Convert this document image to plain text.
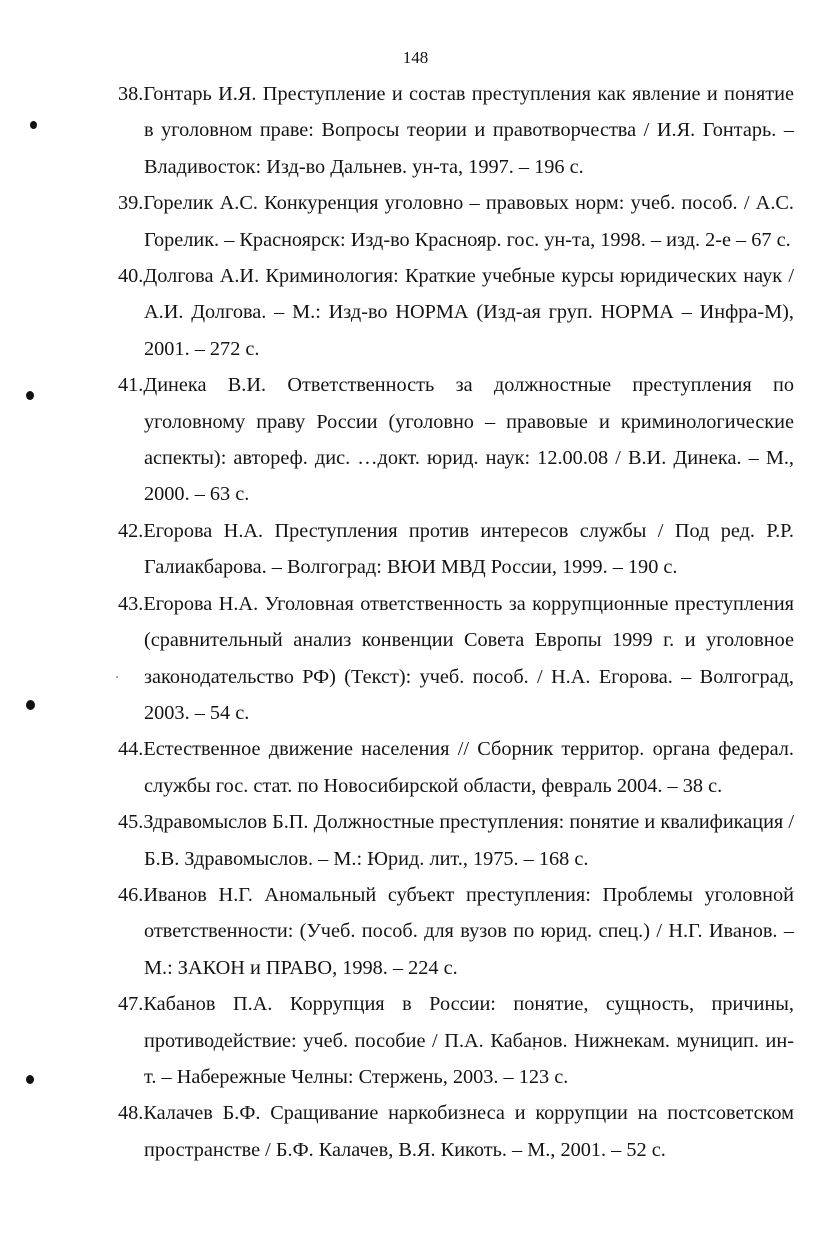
148
38.Гонтарь И.Я. Преступление и состав преступления как явление и понятие в уголовном праве: Вопросы теории и правотворчества / И.Я. Гонтарь. – Владивосток: Изд-во Дальнев. ун-та, 1997. – 196 с.
39.Горелик А.С. Конкуренция уголовно – правовых норм: учеб. пособ. / А.С. Горелик. – Красноярск: Изд-во Краснояр. гос. ун-та, 1998. – изд. 2-е – 67 с.
40.Долгова А.И. Криминология: Краткие учебные курсы юридических наук / А.И. Долгова. – М.: Изд-во НОРМА (Изд-ая груп. НОРМА – Инфра-М), 2001. – 272 с.
41.Динека В.И. Ответственность за должностные преступления по уголовному праву России (уголовно – правовые и криминологические аспекты): автореф. дис. …докт. юрид. наук: 12.00.08 / В.И. Динека. – М., 2000. – 63 с.
42.Егорова Н.А. Преступления против интересов службы / Под ред. Р.Р. Галиакбарова. – Волгоград: ВЮИ МВД России, 1999. – 190 с.
43.Егорова Н.А. Уголовная ответственность за коррупционные преступления (сравнительный анализ конвенции Совета Европы 1999 г. и уголовное законодательство РФ) (Текст): учеб. пособ. / Н.А. Егорова. – Волгоград, 2003. – 54 с.
44.Естественное движение населения // Сборник территор. органа федерал. службы гос. стат. по Новосибирской области, февраль 2004. – 38 с.
45.Здравомыслов Б.П. Должностные преступления: понятие и квалификация / Б.В. Здравомыслов. – М.: Юрид. лит., 1975. – 168 с.
46.Иванов Н.Г. Аномальный субъект преступления: Проблемы уголовной ответственности: (Учеб. пособ. для вузов по юрид. спец.) / Н.Г. Иванов. – М.: ЗАКОН и ПРАВО, 1998. – 224 с.
47.Кабанов П.А. Коррупция в России: понятие, сущность, причины, противодействие: учеб. пособие / П.А. Кабанов. Нижнекам. муницип. ин-т. – Набережные Челны: Стержень, 2003. – 123 с.
48.Калачев Б.Ф. Сращивание наркобизнеса и коррупции на постсоветском пространстве / Б.Ф. Калачев, В.Я. Кикоть. – М., 2001. – 52 с.
